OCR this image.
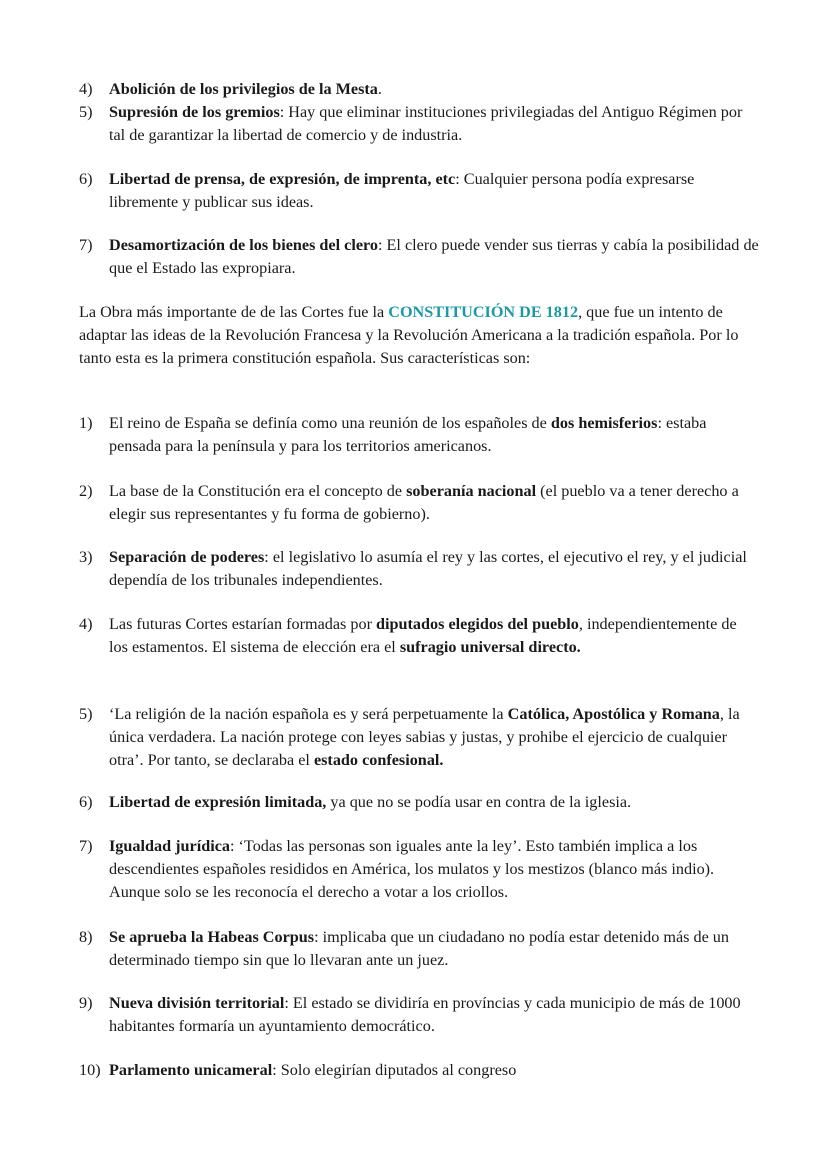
4) Abolición de los privilegios de la Mesta.
5) Supresión de los gremios: Hay que eliminar instituciones privilegiadas del Antiguo Régimen por tal de garantizar la libertad de comercio y de industria.
6) Libertad de prensa, de expresión, de imprenta, etc: Cualquier persona podía expresarse libremente y publicar sus ideas.
7) Desamortización de los bienes del clero: El clero puede vender sus tierras y cabía la posibilidad de que el Estado las expropiara.
La Obra más importante de de las Cortes fue la CONSTITUCIÓN DE 1812, que fue un intento de adaptar las ideas de la Revolución Francesa y la Revolución Americana a la tradición española. Por lo tanto esta es la primera constitución española. Sus características son:
1) El reino de España se definía como una reunión de los españoles de dos hemisferios: estaba pensada para la península y para los territorios americanos.
2) La base de la Constitución era el concepto de soberanía nacional (el pueblo va a tener derecho a elegir sus representantes y fu forma de gobierno).
3) Separación de poderes: el legislativo lo asumía el rey y las cortes, el ejecutivo el rey, y el judicial dependía de los tribunales independientes.
4) Las futuras Cortes estarían formadas por diputados elegidos del pueblo, independientemente de los estamentos. El sistema de elección era el sufragio universal directo.
5) ‘La religión de la nación española es y será perpetuamente la Católica, Apostólica y Romana, la única verdadera. La nación protege con leyes sabias y justas, y prohibe el ejercicio de cualquier otra’. Por tanto, se declaraba el estado confesional.
6) Libertad de expresión limitada, ya que no se podía usar en contra de la iglesia.
7) Igualdad jurídica: ‘Todas las personas son iguales ante la ley’. Esto también implica a los descendientes españoles resididos en América, los mulatos y los mestizos (blanco más indio). Aunque solo se les reconocía el derecho a votar a los criollos.
8) Se aprueba la Habeas Corpus: implicaba que un ciudadano no podía estar detenido más de un determinado tiempo sin que lo llevaran ante un juez.
9) Nueva división territorial: El estado se dividiría en províncias y cada municipio de más de 1000 habitantes formaría un ayuntamiento democrático.
10) Parlamento unicameral: Solo elegirían diputados al congreso
